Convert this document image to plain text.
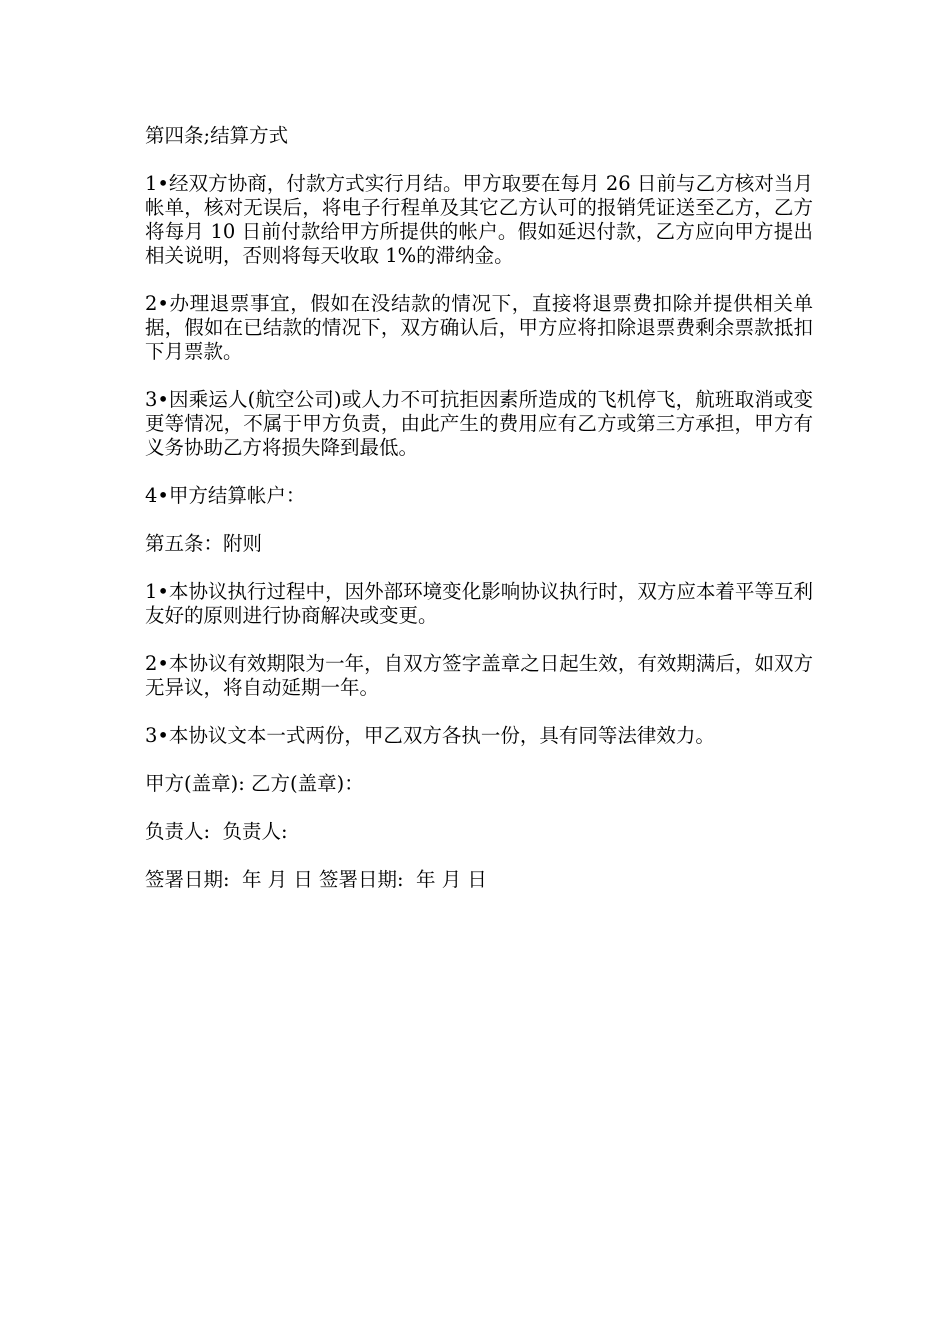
第四条;结算方式

1•经双方协商，付款方式实行月结。甲方取要在每月 26 日前与乙方核对当月帐单，核对无误后，将电子行程单及其它乙方认可的报销凭证送至乙方，乙方将每月 10 日前付款给甲方所提供的帐户。假如延迟付款，乙方应向甲方提出相关说明，否则将每天收取 1%的滞纳金。

2•办理退票事宜，假如在没结款的情况下，直接将退票费扣除并提供相关单据，假如在已结款的情况下，双方确认后，甲方应将扣除退票费剩余票款抵扣下月票款。

3•因乘运人(航空公司)或人力不可抗拒因素所造成的飞机停飞，航班取消或变更等情况，不属于甲方负责，由此产生的费用应有乙方或第三方承担，甲方有义务协助乙方将损失降到最低。

4•甲方结算帐户：

第五条：附则

1•本协议执行过程中，因外部环境变化影响协议执行时，双方应本着平等互利友好的原则进行协商解决或变更。

2•本协议有效期限为一年，自双方签字盖章之日起生效，有效期满后，如双方无异议，将自动延期一年。

3•本协议文本一式两份，甲乙双方各执一份，具有同等法律效力。

甲方(盖章): 乙方(盖章)：

负责人:  负责人:

签署日期:  年 月 日 签署日期:  年 月 日
